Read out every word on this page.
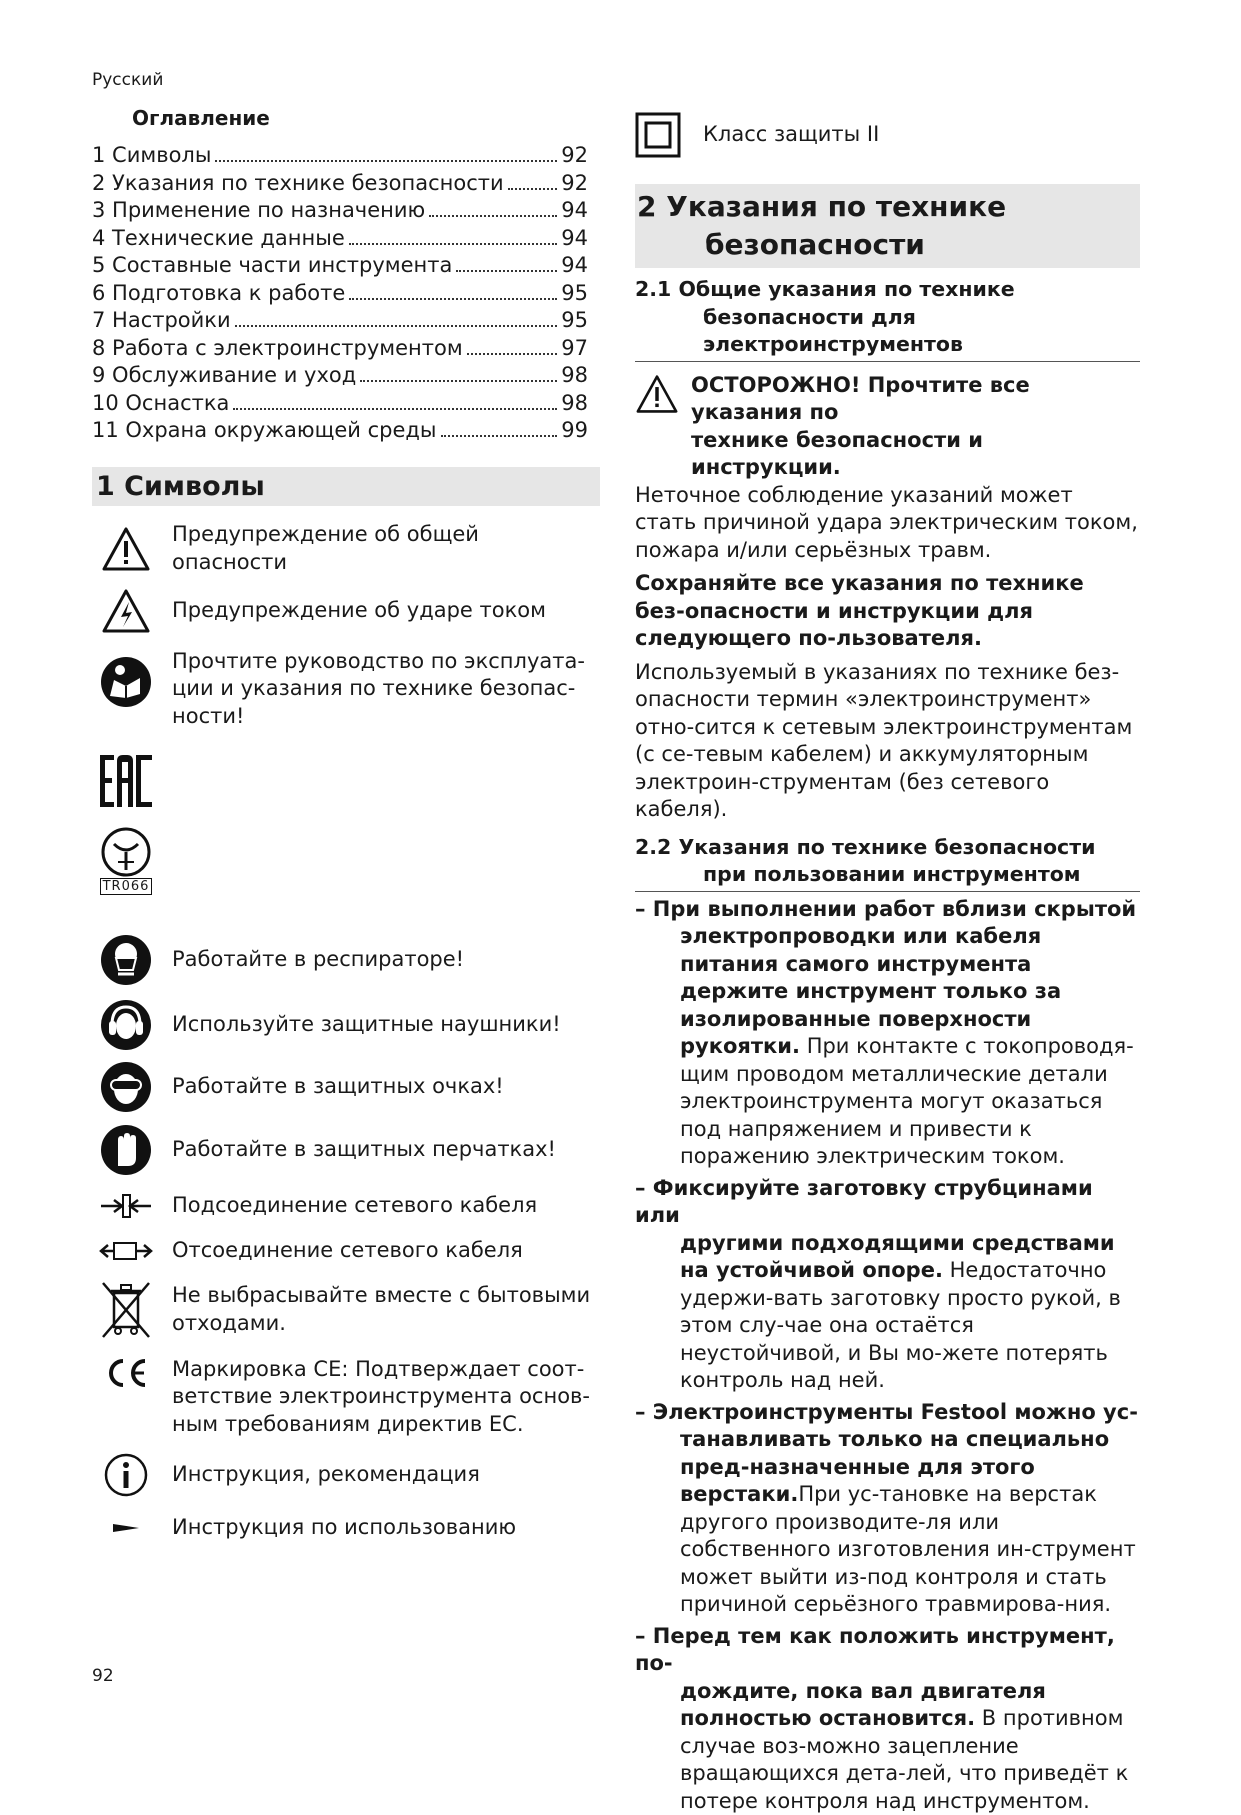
Русский
Оглавление
1 Символы	92
2 Указания по технике безопасности	92
3 Применение по назначению	94
4 Технические данные	94
5 Составные части инструмента	94
6 Подготовка к работе	95
7 Настройки	95
8 Работа с электроинструментом	97
9 Обслуживание и уход	98
10 Оснастка	98
11 Охрана окружающей среды	99
1 Символы
Предупреждение об общей опасности
Предупреждение об ударе током
Прочтите руководство по эксплуата-ции и указания по технике безопас-ности!
TR066
Работайте в респираторе!
Используйте защитные наушники!
Работайте в защитных очках!
Работайте в защитных перчатках!
Подсоединение сетевого кабеля
Отсоединение сетевого кабеля
Не выбрасывайте вместе с бытовыми отходами.
Маркировка CE: Подтверждает соот-ветствие электроинструмента основ-ным требованиям директив ЕС.
Инструкция, рекомендация
Инструкция по использованию
Класс защиты II
2 Указания по технике
безопасности
2.1 Общие указания по технике
безопасности для
электроинструментов
ОСТОРОЖНО! Прочтите все указания по
технике безопасности и инструкции.

Неточное соблюдение указаний может стать причиной удара электрическим током, пожара и/или серьёзных травм.

Сохраняйте все указания по технике без-опасности и инструкции для следующего по-льзователя.

Используемый в указаниях по технике без-опасности термин «электроинструмент» отно-сится к сетевым электроинструментам (с се-тевым кабелем) и аккумуляторным электроин-струментам (без сетевого кабеля).

2.2 Указания по технике безопасности
при пользовании инструментом
– При выполнении работ вблизи скрытой
электропроводки или кабеля питания самого инструмента держите инструмент только за изолированные поверхности рукоятки. При контакте с токопроводя-щим проводом металлические детали электроинструмента могут оказаться под напряжением и привести к поражению электрическим током.
– Фиксируйте заготовку струбцинами или
другими подходящими средствами на устойчивой опоре. Недостаточно удержи-вать заготовку просто рукой, в этом слу-чае она остаётся неустойчивой, и Вы мо-жете потерять контроль над ней.
– Электроинструменты Festool можно ус-
танавливать только на специально пред-назначенные для этого верстаки.При ус-тановке на верстак другого производите-ля или собственного изготовления ин-струмент может выйти из-под контроля и стать причиной серьёзного травмирова-ния.
– Перед тем как положить инструмент, по-
дождите, пока вал двигателя полностью остановится. В противном случае воз-можно зацепление вращающихся дета-лей, что приведёт к потере контроля над инструментом.
92
